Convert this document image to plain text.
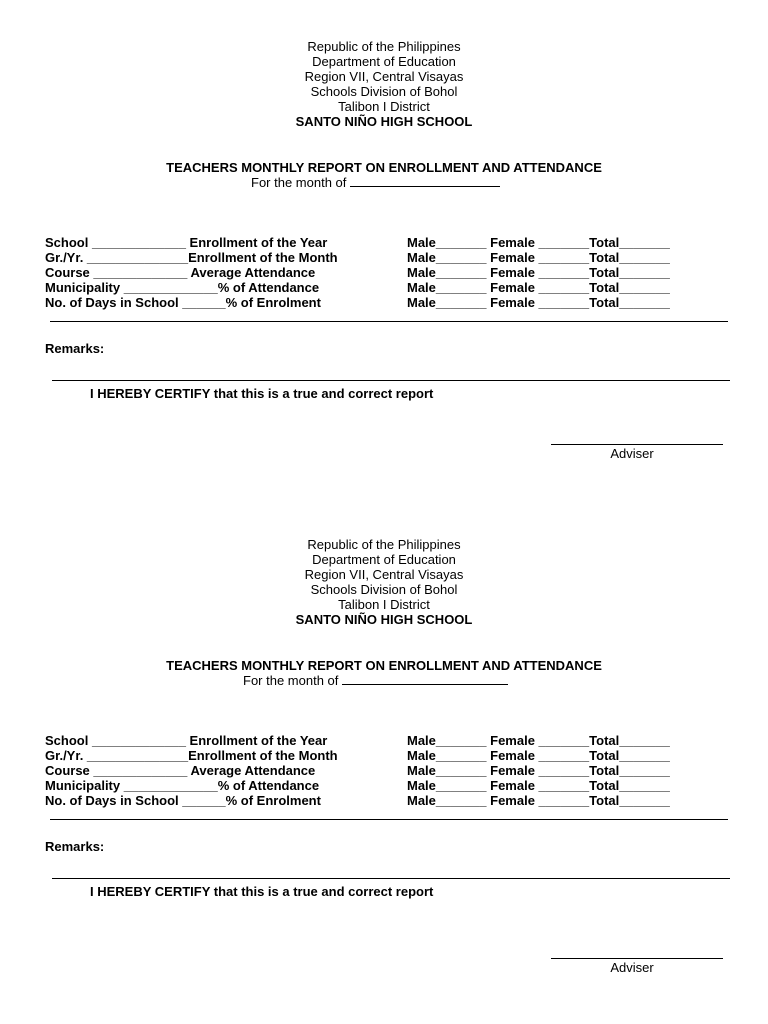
Republic of the Philippines
Department of Education
Region VII, Central Visayas
Schools Division of Bohol
Talibon I District
SANTO NIÑO HIGH SCHOOL
TEACHERS MONTHLY REPORT ON ENROLLMENT AND ATTENDANCE
For the month of
School _____________ Enrollment of the Year	Male_______ Female _______Total_______
Gr./Yr. ______________Enrollment of the Month	Male_______ Female _______Total_______
Course _____________ Average Attendance	Male_______ Female _______Total_______
Municipality _____________% of Attendance	Male_______ Female _______Total_______
No. of Days in School ______% of Enrolment	Male_______ Female _______Total_______
Remarks:
I HEREBY CERTIFY that this is a true and correct report
Adviser
Republic of the Philippines
Department of Education
Region VII, Central Visayas
Schools Division of Bohol
Talibon I District
SANTO NIÑO HIGH SCHOOL
TEACHERS MONTHLY REPORT ON ENROLLMENT AND ATTENDANCE
For the month of
School _____________ Enrollment of the Year	Male_______ Female _______Total_______
Gr./Yr. ______________Enrollment of the Month	Male_______ Female _______Total_______
Course _____________ Average Attendance	Male_______ Female _______Total_______
Municipality _____________% of Attendance	Male_______ Female _______Total_______
No. of Days in School ______% of Enrolment	Male_______ Female _______Total_______
Remarks:
I HEREBY CERTIFY that this is a true and correct report
Adviser
